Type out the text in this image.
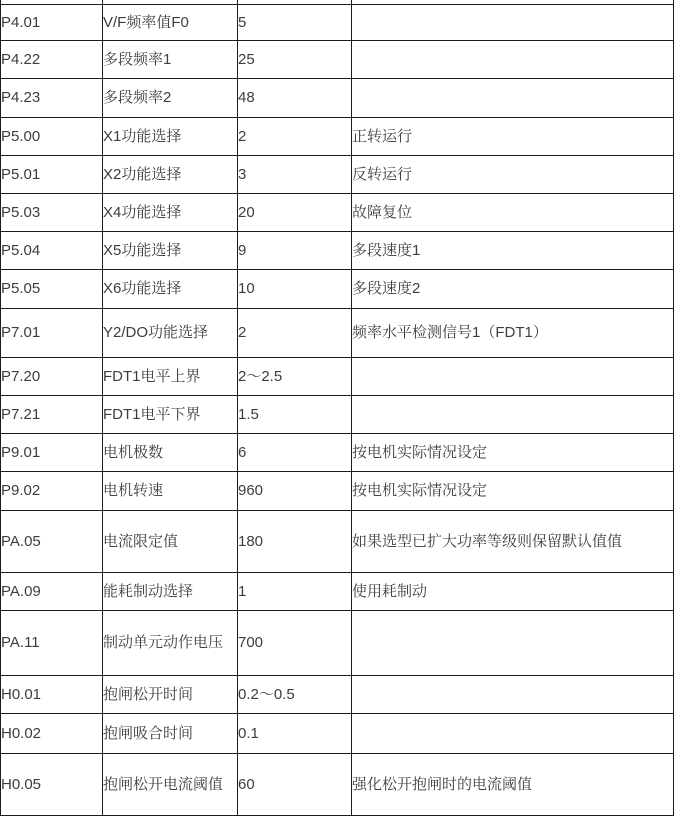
P4.01	V/F频率值F0	5	
P4.22	多段频率1	25	
P4.23	多段频率2	48	
P5.00	X1功能选择	2	正转运行
P5.01	X2功能选择	3	反转运行
P5.03	X4功能选择	20	故障复位
P5.04	X5功能选择	9	多段速度1
P5.05	X6功能选择	10	多段速度2
P7.01	Y2/DO功能选择	2	频率水平检测信号1（FDT1）
P7.20	FDT1电平上界	2～2.5	
P7.21	FDT1电平下界	1.5	
P9.01	电机极数	6	按电机实际情况设定
P9.02	电机转速	960	按电机实际情况设定
PA.05	电流限定值	180	如果选型已扩大功率等级则保留默认值值
PA.09	能耗制动选择	1	使用耗制动
PA.11	制动单元动作电压	700	
H0.01	抱闸松开时间	0.2～0.5	
H0.02	抱闸吸合时间	0.1	
H0.05	抱闸松开电流阈值	60	强化松开抱闸时的电流阈值
